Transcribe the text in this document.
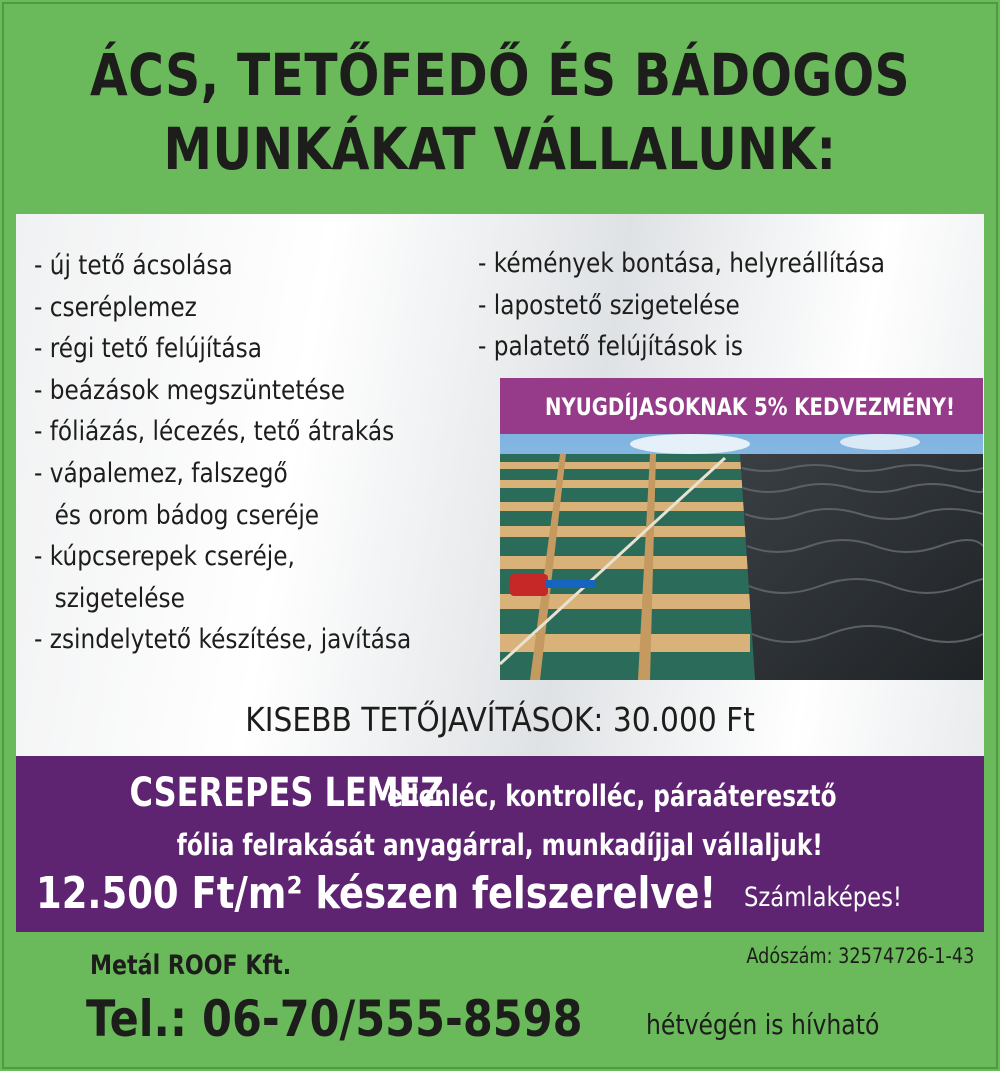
ÁCS, TETŐFEDŐ ÉS BÁDOGOS
MUNKÁKAT VÁLLALUNK:
- új tető ácsolása
- cseréplemez
- régi tető felújítása
- beázások megszüntetése
- fóliázás, lécezés, tető átrakás
- vápalemez, falszegő
és orom bádog cseréje
- kúpcserepek cseréje,
szigetelése
- zsindelytető készítése, javítása
- kémények bontása, helyreállítása
- lapostető szigetelése
- palatető felújítások is
NYUGDÍJASOKNAK 5% KEDVEZMÉNY!
KISEBB TETŐJAVÍTÁSOK: 30.000 Ft
CSEREPES LEMEZ ellenléc, kontrolléc, páraáteresztő
fólia felrakását anyagárral, munkadíjjal vállaljuk!
12.500 Ft/m² készen felszerelve! Számlaképes!
Adószám: 32574726-1-43
Metál ROOF Kft.
Tel.: 06-70/555-8598 hétvégén is hívható
